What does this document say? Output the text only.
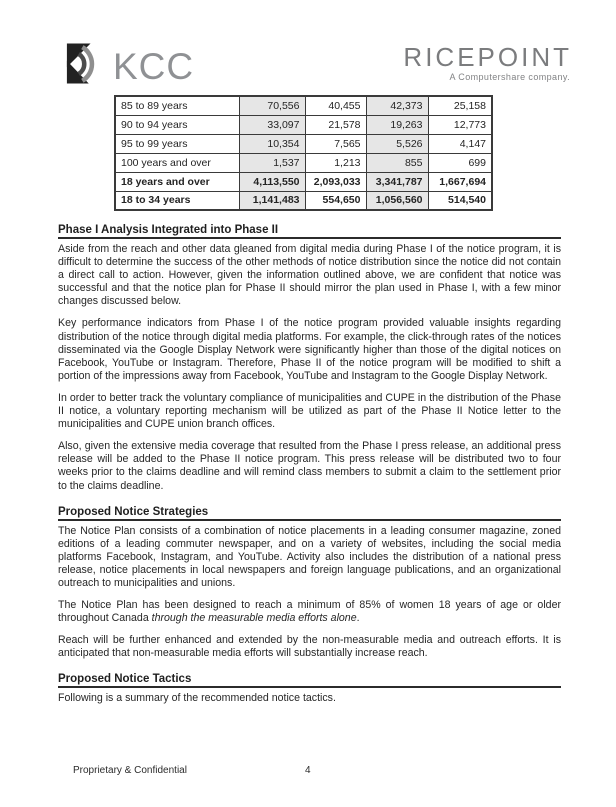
KCC	RICEPOINT
A Computershare company.
85 to 89 years	70,556	40,455	42,373	25,158
90 to 94 years	33,097	21,578	19,263	12,773
95 to 99 years	10,354	7,565	5,526	4,147
100 years and over	1,537	1,213	855	699
18 years and over	4,113,550	2,093,033	3,341,787	1,667,694
18 to 34 years	1,141,483	554,650	1,056,560	514,540
Phase I Analysis Integrated into Phase II

Aside from the reach and other data gleaned from digital media during Phase I of the notice program, it is difficult to determine the success of the other methods of notice distribution since the notice did not contain a direct call to action. However, given the information outlined above, we are confident that notice was successful and that the notice plan for Phase II should mirror the plan used in Phase I, with a few minor changes discussed below.

Key performance indicators from Phase I of the notice program provided valuable insights regarding distribution of the notice through digital media platforms. For example, the click-through rates of the notices disseminated via the Google Display Network were significantly higher than those of the digital notices on Facebook, YouTube or Instagram. Therefore, Phase II of the notice program will be modified to shift a portion of the impressions away from Facebook, YouTube and Instagram to the Google Display Network.

In order to better track the voluntary compliance of municipalities and CUPE in the distribution of the Phase II notice, a voluntary reporting mechanism will be utilized as part of the Phase II Notice letter to the municipalities and CUPE union branch offices.

Also, given the extensive media coverage that resulted from the Phase I press release, an additional press release will be added to the Phase II notice program. This press release will be distributed two to four weeks prior to the claims deadline and will remind class members to submit a claim to the settlement prior to the claims deadline.

Proposed Notice Strategies

The Notice Plan consists of a combination of notice placements in a leading consumer magazine, zoned editions of a leading commuter newspaper, and on a variety of websites, including the social media platforms Facebook, Instagram, and YouTube. Activity also includes the distribution of a national press release, notice placements in local newspapers and foreign language publications, and an organizational outreach to municipalities and unions.

The Notice Plan has been designed to reach a minimum of 85% of women 18 years of age or older throughout Canada through the measurable media efforts alone.

Reach will be further enhanced and extended by the non-measurable media and outreach efforts. It is anticipated that non-measurable media efforts will substantially increase reach.

Proposed Notice Tactics

Following is a summary of the recommended notice tactics.

Proprietary & Confidential	4
